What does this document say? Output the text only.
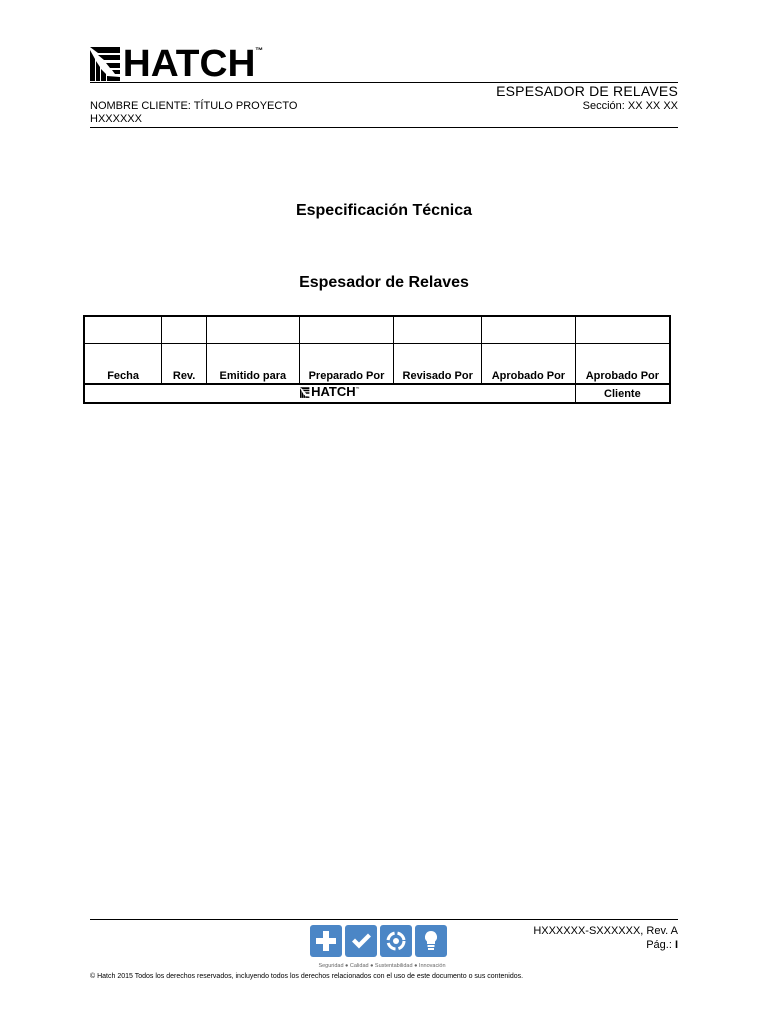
HATCH ™
ESPESADOR DE RELAVES
NOMBRE CLIENTE: TÍTULO PROYECTO	Sección: XX XX XX
HXXXXXX
Especificación Técnica
Espesador de Relaves

Fecha	Rev.	Emitido para	Preparado Por	Revisado Por	Aprobado Por	Aprobado Por

HATCH ™						Cliente
Seguridad ● Calidad ● Sustentabilidad ● Innovación
HXXXXXX-SXXXXXX, Rev. A
Pág.: I
© Hatch 2015 Todos los derechos reservados, incluyendo todos los derechos relacionados con el uso de este documento o sus contenidos.
